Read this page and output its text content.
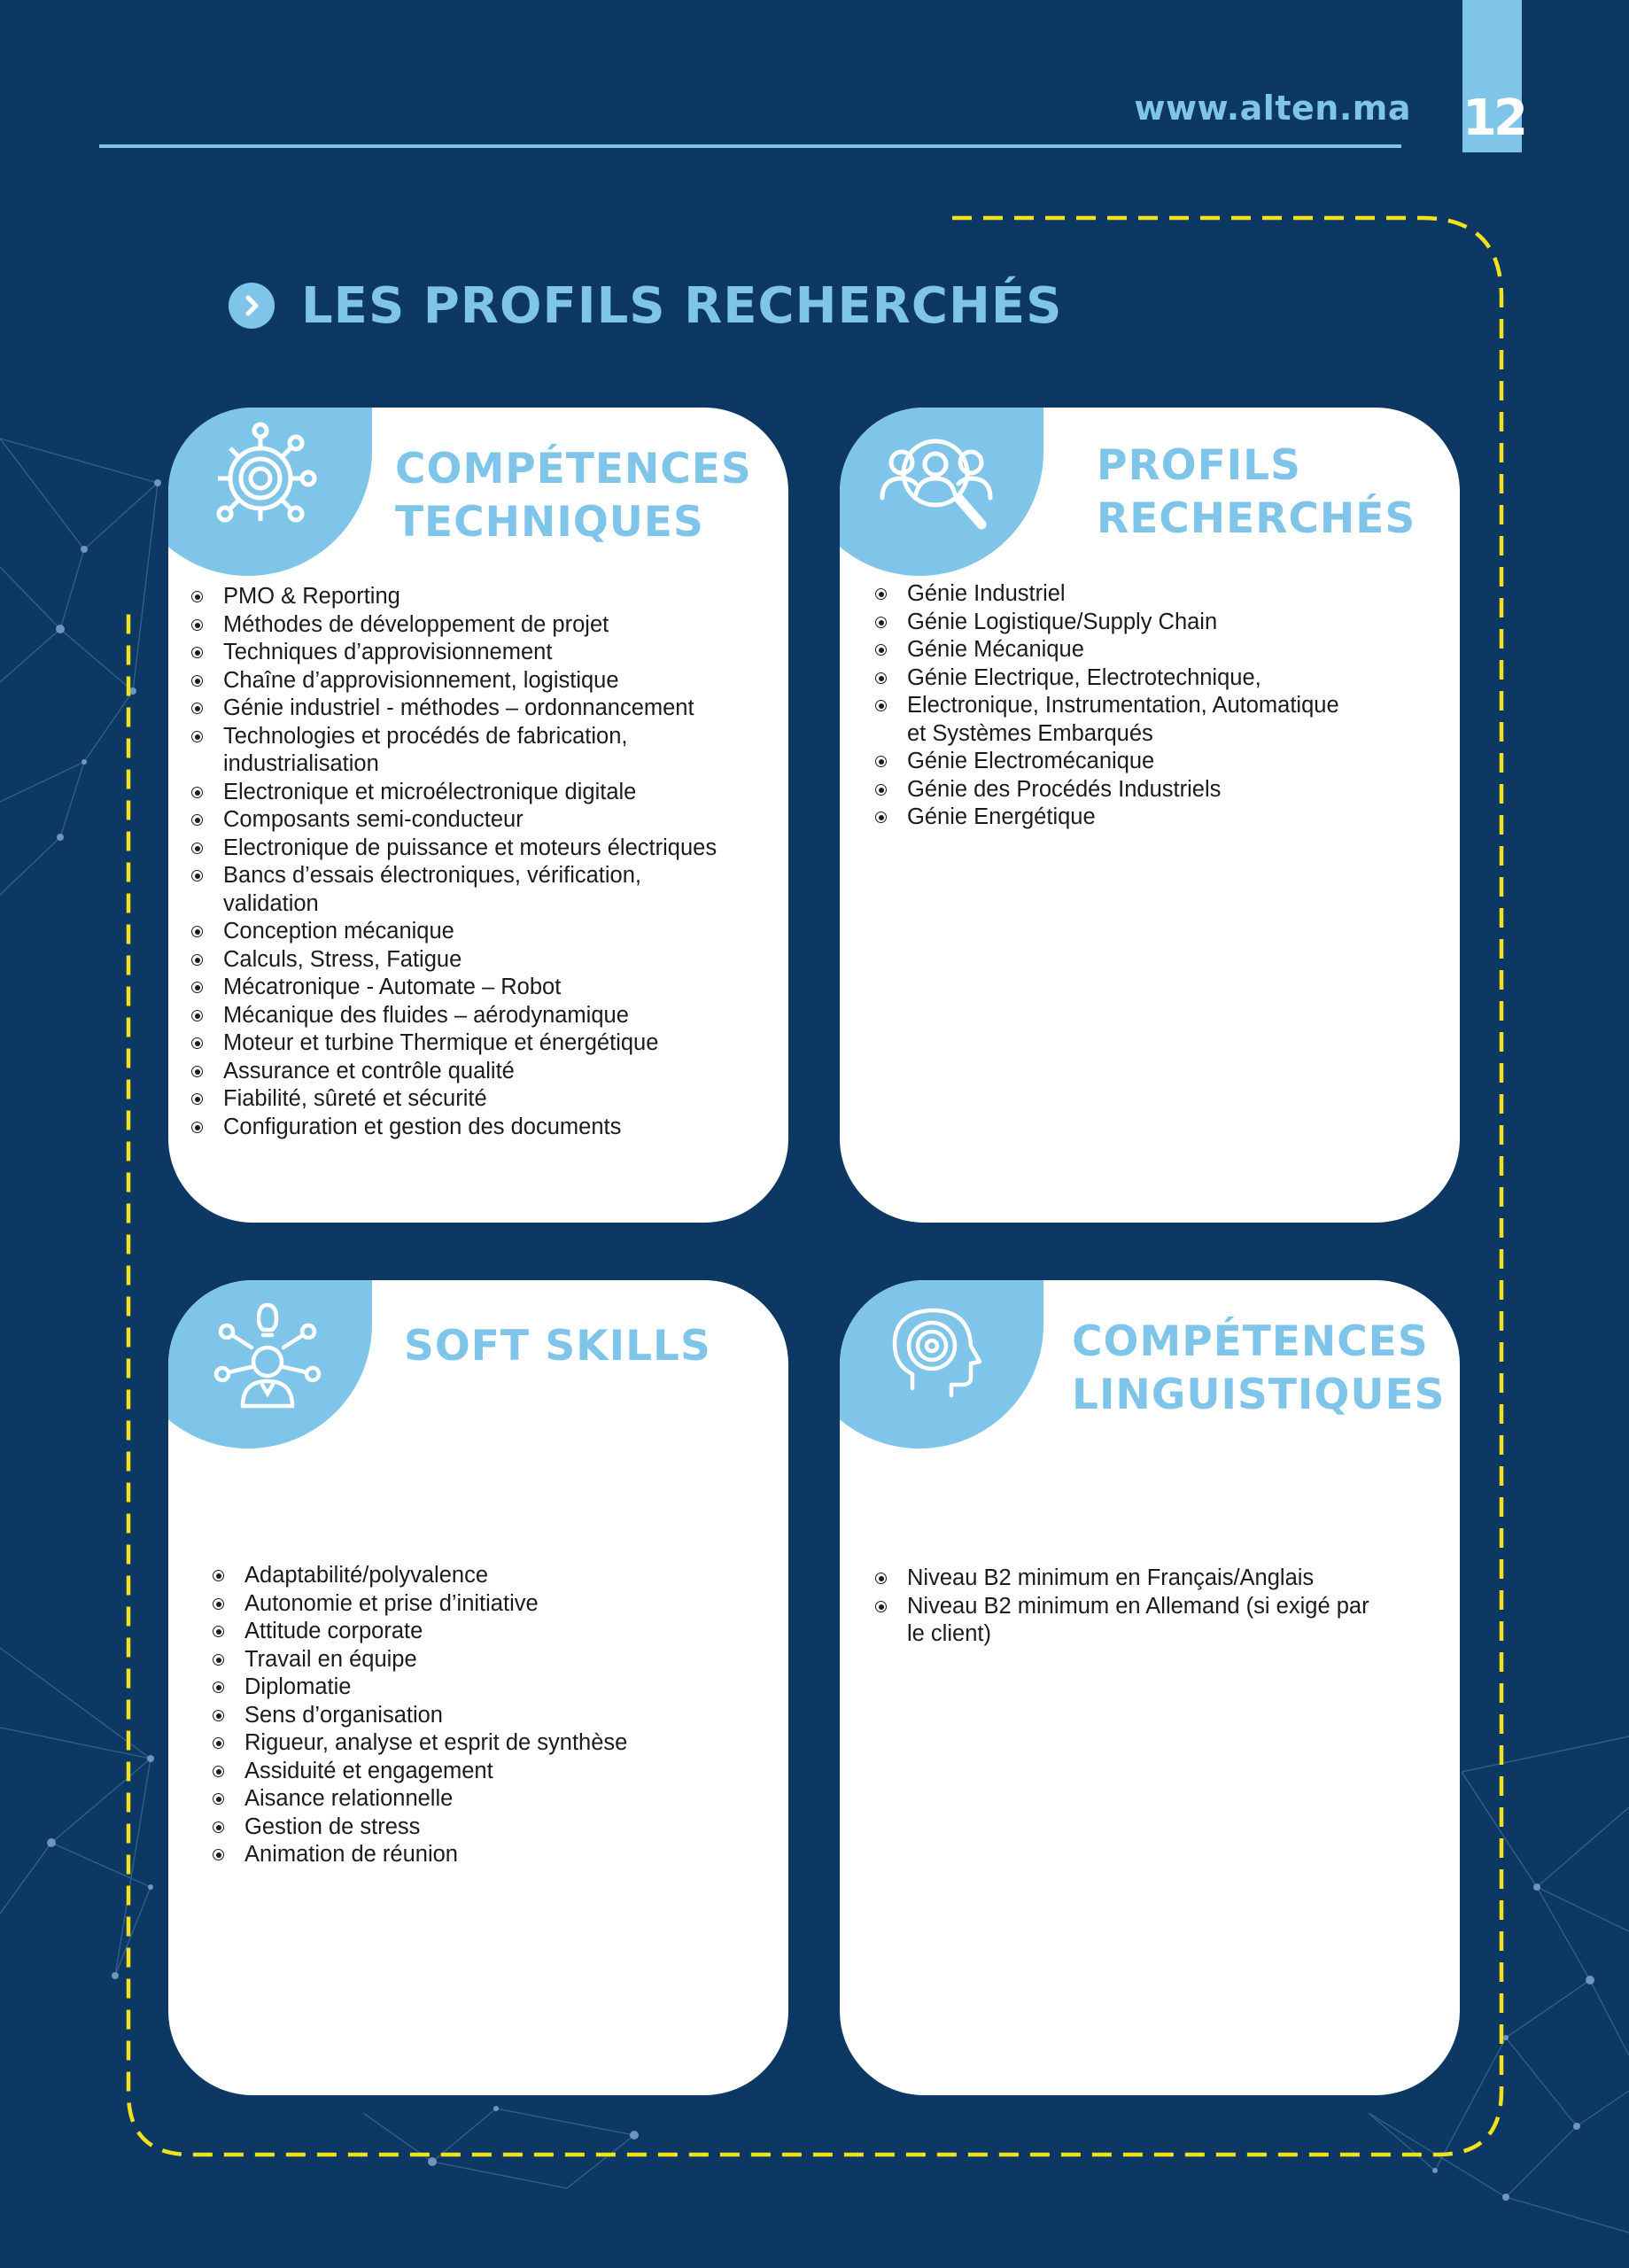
12
www.alten.ma
LES PROFILS RECHERCHÉS
COMPÉTENCES
TECHNIQUES
PMO & Reporting
Méthodes de développement de projet
Techniques d’approvisionnement
Chaîne d’approvisionnement, logistique
Génie industriel - méthodes – ordonnancement
Technologies et procédés de fabrication,
industrialisation
Electronique et microélectronique digitale
Composants semi-conducteur
Electronique de puissance et moteurs électriques
Bancs d’essais électroniques, vérification,
validation
Conception mécanique
Calculs, Stress, Fatigue
Mécatronique - Automate – Robot
Mécanique des fluides – aérodynamique
Moteur et turbine Thermique et énergétique
Assurance et contrôle qualité
Fiabilité, sûreté et sécurité
Configuration et gestion des documents
PROFILS
RECHERCHÉS
Génie Industriel
Génie Logistique/Supply Chain
Génie Mécanique
Génie Electrique, Electrotechnique,
Electronique, Instrumentation, Automatique
et Systèmes Embarqués
Génie Electromécanique
Génie des Procédés Industriels
Génie Energétique
SOFT SKILLS
Adaptabilité/polyvalence
Autonomie et prise d’initiative
Attitude corporate
Travail en équipe
Diplomatie
Sens d’organisation
Rigueur, analyse et esprit de synthèse
Assiduité et engagement
Aisance relationnelle
Gestion de stress
Animation de réunion
COMPÉTENCES
LINGUISTIQUES
Niveau B2 minimum en Français/Anglais
Niveau B2 minimum en Allemand (si exigé par
le client)
